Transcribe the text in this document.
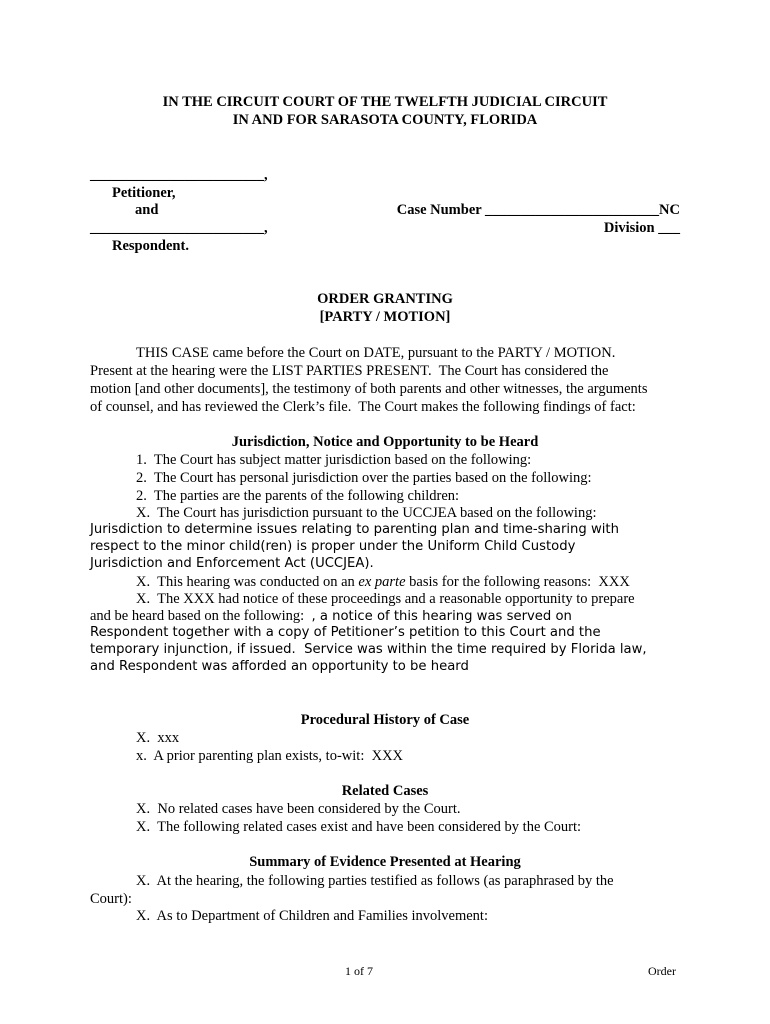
IN THE CIRCUIT COURT OF THE TWELFTH JUDICIAL CIRCUIT
IN AND FOR SARASOTA COUNTY, FLORIDA
________________________,
Petitioner,
and
________________________,
Respondent.
Case Number ________________________NC
Division ___
ORDER GRANTING
[PARTY / MOTION]
THIS CASE came before the Court on DATE, pursuant to the PARTY / MOTION.
Present at the hearing were the LIST PARTIES PRESENT.  The Court has considered the
motion [and other documents], the testimony of both parents and other witnesses, the arguments
of counsel, and has reviewed the Clerk’s file.  The Court makes the following findings of fact:
Jurisdiction, Notice and Opportunity to be Heard
1.  The Court has subject matter jurisdiction based on the following:
2.  The Court has personal jurisdiction over the parties based on the following:
2.  The parties are the parents of the following children:
X.  The Court has jurisdiction pursuant to the UCCJEA based on the following:
Jurisdiction to determine issues relating to parenting plan and time-sharing with
respect to the minor child(ren) is proper under the Uniform Child Custody
Jurisdiction and Enforcement Act (UCCJEA).
X.  This hearing was conducted on an ex parte basis for the following reasons:  XXX
X.  The XXX had notice of these proceedings and a reasonable opportunity to prepare
and be heard based on the following:  , a notice of this hearing was served on
Respondent together with a copy of Petitioner’s petition to this Court and the
temporary injunction, if issued.  Service was within the time required by Florida law,
and Respondent was afforded an opportunity to be heard
Procedural History of Case
X.  xxx
x.  A prior parenting plan exists, to-wit:  XXX
Related Cases
X.  No related cases have been considered by the Court.
X.  The following related cases exist and have been considered by the Court:
Summary of Evidence Presented at Hearing
X.  At the hearing, the following parties testified as follows (as paraphrased by the
Court):
X.  As to Department of Children and Families involvement:
1 of 7	Order
